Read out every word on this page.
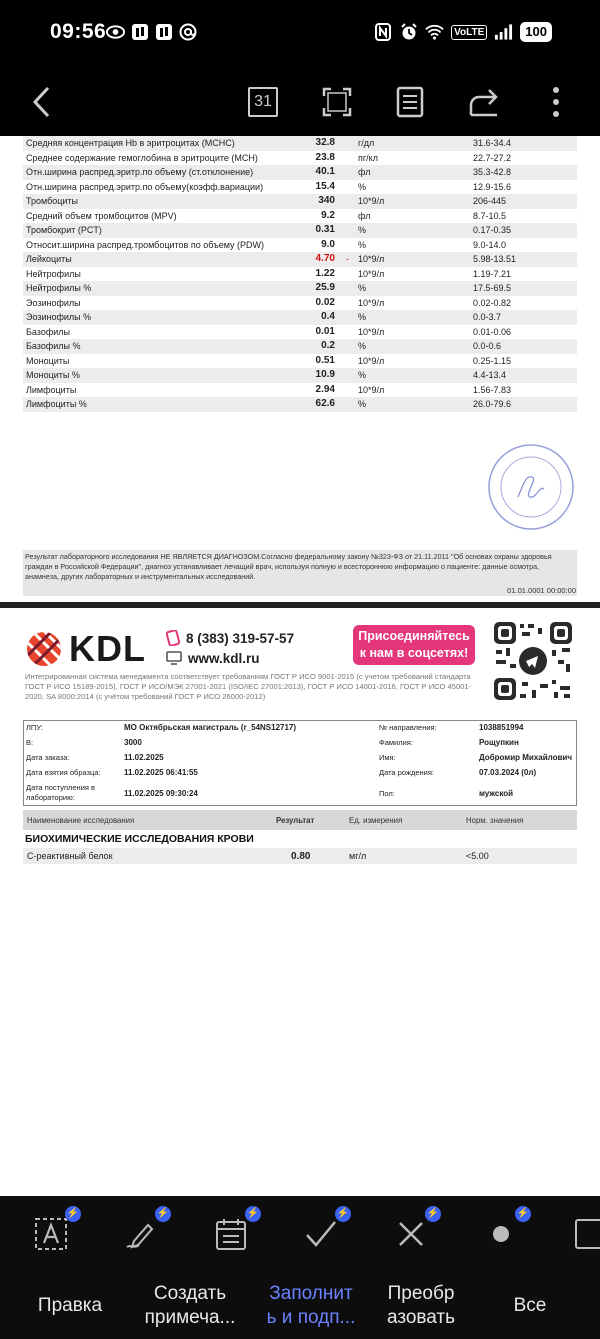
09:56	VoLTE	100
31
Средняя концентрация Hb в эритроцитах (MCHC)	32.8		г/дл	31.6-34.4
Среднее содержание гемоглобина в эритроците (MCH)	23.8		пг/кл	22.7-27.2
Отн.ширина распред.эритр.по объему (ст.отклонение)	40.1		фл	35.3-42.8
Отн.ширина распред.эритр.по объему(коэфф.вариации)	15.4		%	12.9-15.6
Тромбоциты	340		10*9/л	206-445
Средний объем тромбоцитов (MPV)	9.2		фл	8.7-10.5
Тромбокрит (PCT)	0.31		%	0.17-0.35
Относит.ширина распред.тромбоцитов по объему (PDW)	9.0		%	9.0-14.0
Лейкоциты	4.70	-	10*9/л	5.98-13.51
Нейтрофилы	1.22		10*9/л	1.19-7.21
Нейтрофилы %	25.9		%	17.5-69.5
Эозинофилы	0.02		10*9/л	0.02-0.82
Эозинофилы %	0.4		%	0.0-3.7
Базофилы	0.01		10*9/л	0.01-0.06
Базофилы %	0.2		%	0.0-0.6
Моноциты	0.51		10*9/л	0.25-1.15
Моноциты %	10.9		%	4.4-13.4
Лимфоциты	2.94		10*9/л	1.56-7.83
Лимфоциты %	62.6		%	26.0-79.6
Результат лабораторного исследования НЕ ЯВЛЯЕТСЯ ДИАГНОЗОМ.Согласно федеральному закону №323-ФЗ от 21.11.2011 "Об основах охраны здоровья граждан в Российской Федерации", диагноз устанавливает лечащий врач, используя полную и всестороннюю информацию о пациенте: данные осмотра, анамнеза, других лабораторных и инструментальных исследований.
01.01.0001 00:00:00
KDL	8 (383) 319-57-57
www.kdl.ru
Присоединяйтесь
к нам в соцсетях!
Интегрированная система менеджмента соответствует требованиям ГОСТ Р ИСО 9001-2015 (с учетом требований стандарта ГОСТ Р ИСО 15189-2015), ГОСТ Р ИСО/МЭК 27001-2021 (ISO/IEC 27001:2013), ГОСТ Р ИСО 14001-2016, ГОСТ Р ИСО 45001-2020, SA 8000:2014 (с учётом требований ГОСТ Р ИСО 26000-2012)
ЛПУ:	МО Октябрьская магистраль (r_54NS12717)	№ направления:	1038851994
В:	3000	Фамилия:	Рощупкин
Дата заказа:	11.02.2025	Имя:	Добромир Михайлович
Дата взятия образца:	11.02.2025 06:41:55	Дата рождения:	07.03.2024 (0л)
Дата поступления в лабораторию:	11.02.2025 09:30:24	Пол:	мужской
Наименование исследования	Результат	Ед. измерения	Норм. значения
БИОХИМИЧЕСКИЕ ИССЛЕДОВАНИЯ КРОВИ
С-реактивный белок	0.80	мг/л	<5.00
⚡	⚡	⚡	⚡	⚡	⚡
Правка
Создать
примеча...
Заполнит
ь и подп...
Преобр
азовать
Все
